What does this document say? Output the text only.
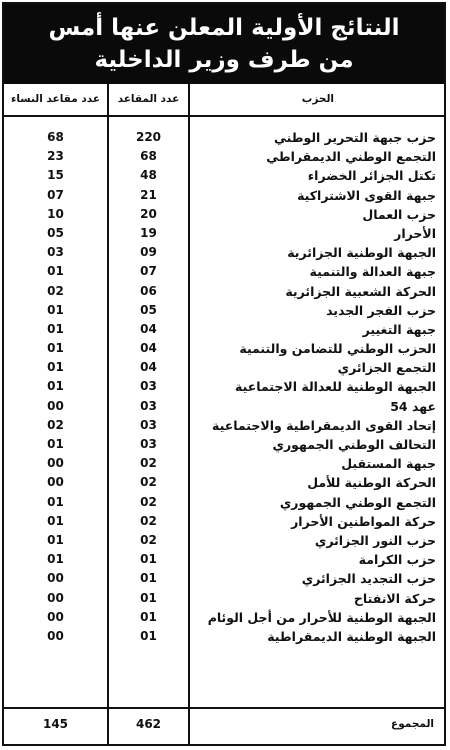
النتائج الأولية المعلن عنها أمس
من طرف وزير الداخلية
عدد مقاعد النساء	عدد المقاعد	الحزب
68	220	حزب جبهة التحرير الوطني
23	68	التجمع الوطني الديمقراطي
15	48	تكتل الجزائر الخضراء
07	21	جبهة القوى الاشتراكية
10	20	حزب العمال
05	19	الأحرار
03	09	الجبهة الوطنية الجزائرية
01	07	جبهة العدالة والتنمية
02	06	الحركة الشعبية الجزائرية
01	05	حزب الفجر الجديد
01	04	جبهة التغيير
01	04	الحزب الوطني للتضامن والتنمية
01	04	التجمع الجزائري
01	03	الجبهة الوطنية للعدالة الاجتماعية
00	03	عهد 54
02	03	إتحاد القوى الديمقراطية والاجتماعية
01	03	التحالف الوطني الجمهوري
00	02	جبهة المستقبل
00	02	الحركة الوطنية للأمل
01	02	التجمع الوطني الجمهوري
01	02	حركة المواطنين الأحرار
01	02	حزب النور الجزائري
01	01	حزب الكرامة
00	01	حزب التجديد الجزائري
00	01	حركة الانفتاح
00	01	الجبهة الوطنية للأحرار من أجل الوئام
00	01	الجبهة الوطنية الديمقراطية
145	462	المجموع
